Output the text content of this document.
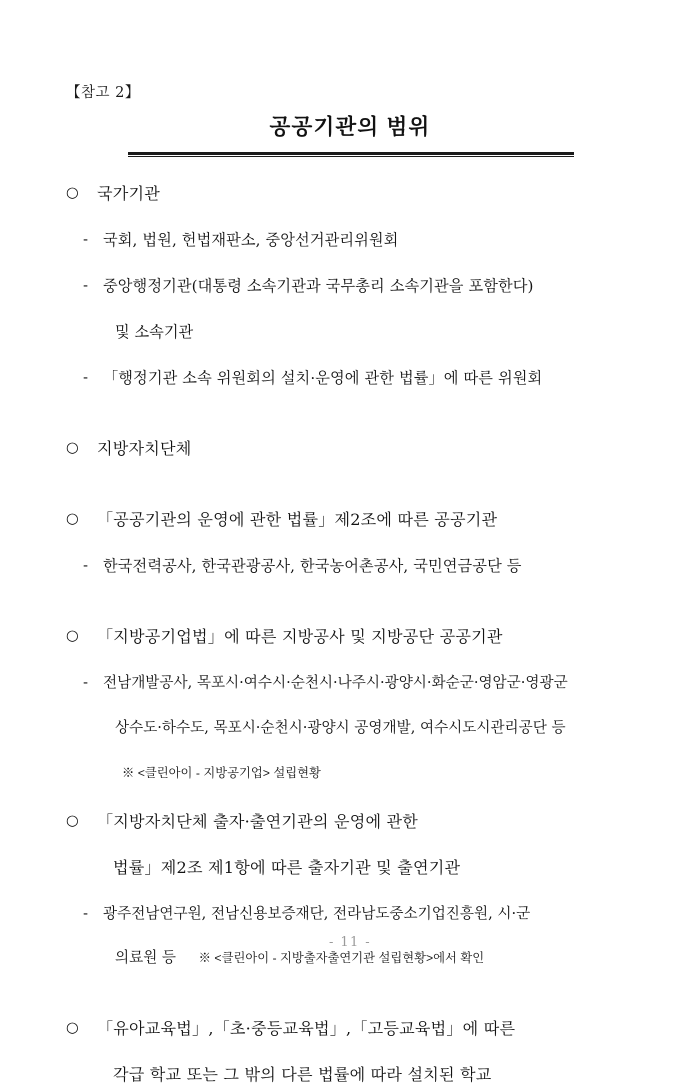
【참고 2】
공공기관의 범위
○ 국가기관
- 국회, 법원, 헌법재판소, 중앙선거관리위원회
- 중앙행정기관(대통령 소속기관과 국무총리 소속기관을 포함한다)
및 소속기관
- 「행정기관 소속 위원회의 설치·운영에 관한 법률」에 따른 위원회
○ 지방자치단체
○ 「공공기관의 운영에 관한 법률」제2조에 따른 공공기관
- 한국전력공사, 한국관광공사, 한국농어촌공사, 국민연금공단 등
○ 「지방공기업법」에 따른 지방공사 및 지방공단 공공기관
- 전남개발공사, 목포시·여수시·순천시·나주시·광양시·화순군·영암군·영광군
상수도·하수도, 목포시·순천시·광양시 공영개발, 여수시도시관리공단 등
※ <클린아이 - 지방공기업> 설립현황
○ 「지방자치단체 출자·출연기관의 운영에 관한
법률」제2조 제1항에 따른 출자기관 및 출연기관
- 광주전남연구원, 전남신용보증재단, 전라남도중소기업진흥원, 시·군
의료원 등 ※ <클린아이 - 지방출자출연기관 설립현황>에서 확인
○ 「유아교육법」,「초·중등교육법」,「고등교육법」에 따른
각급 학교 또는 그 밖의 다른 법률에 따라 설치된 학교
- 11 -
